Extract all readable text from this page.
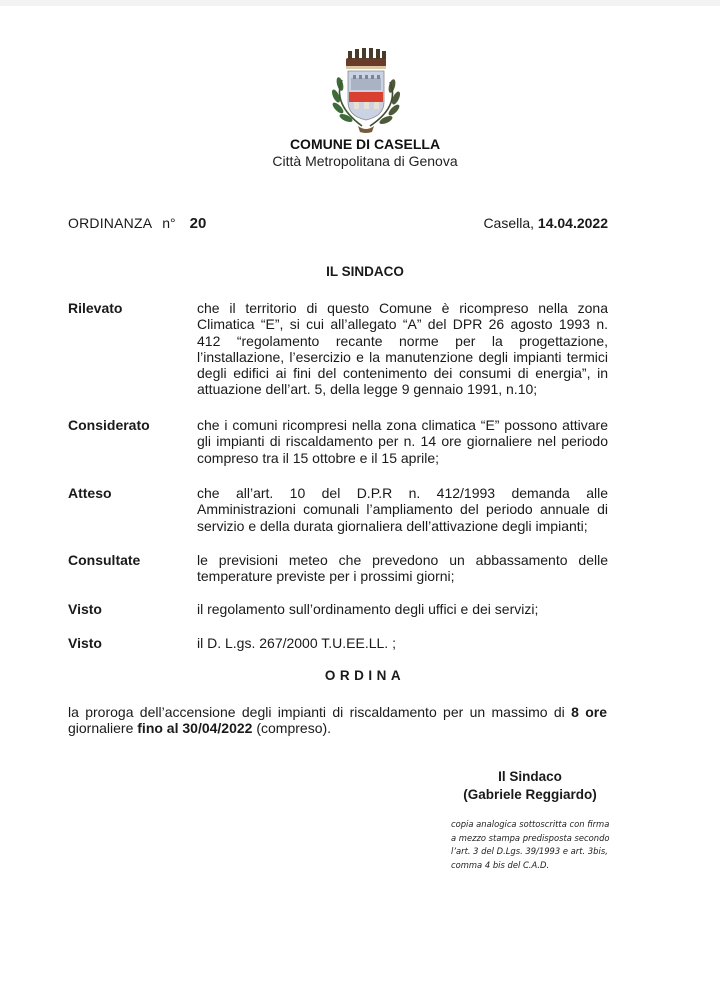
COMUNE DI CASELLA
Città Metropolitana di Genova
ORDINANZA n° 20	Casella, 14.04.2022
IL SINDACO
Rilevato	che il territorio di questo Comune è ricompreso nella zona Climatica “E”, si cui all’allegato “A” del DPR 26 agosto 1993 n. 412 “regolamento recante norme per la progettazione, l’installazione, l’esercizio e la manutenzione degli impianti termici degli edifici ai fini del contenimento dei consumi di energia”, in attuazione dell’art. 5, della legge 9 gennaio 1991, n.10;
Considerato	che i comuni ricompresi nella zona climatica “E” possono attivare gli impianti di riscaldamento per n. 14 ore giornaliere nel periodo compreso tra il 15 ottobre e il 15 aprile;
Atteso	che all’art. 10 del D.P.R n. 412/1993 demanda alle Amministrazioni comunali l’ampliamento del periodo annuale di servizio e della durata giornaliera dell’attivazione degli impianti;
Consultate	le previsioni meteo che prevedono un abbassamento delle temperature previste per i prossimi giorni;
Visto	il regolamento sull’ordinamento degli uffici e dei servizi;
Visto	il D. L.gs. 267/2000 T.U.EE.LL. ;
ORDINA
la proroga dell’accensione degli impianti di riscaldamento per un massimo di 8 ore giornaliere fino al 30/04/2022 (compreso).
Il Sindaco
(Gabriele Reggiardo)
copia analogica sottoscritta con firma
a mezzo stampa predisposta secondo
l’art. 3 del D.Lgs. 39/1993 e art. 3bis,
comma 4 bis del C.A.D.
